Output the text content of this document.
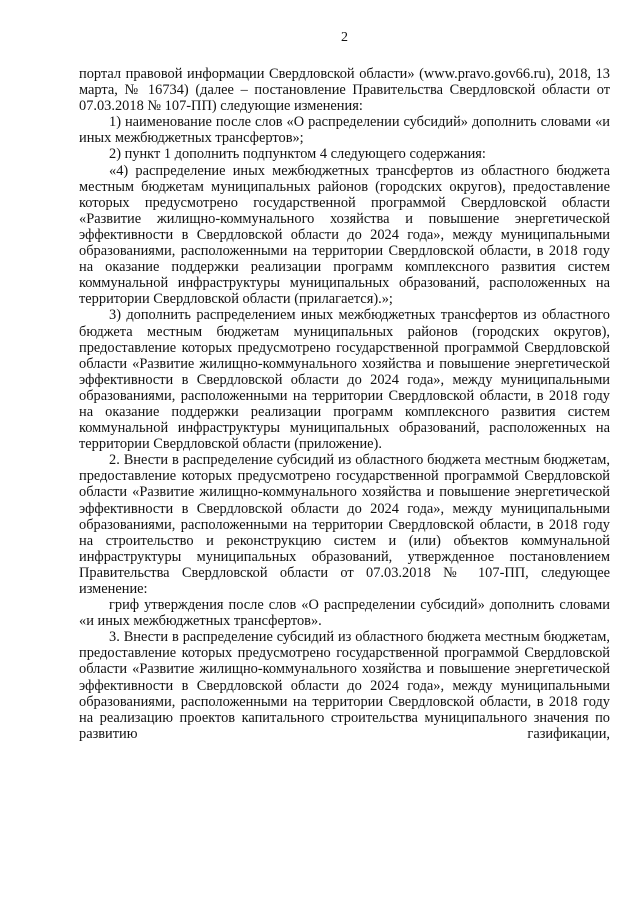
2

портал правовой информации Свердловской области» (www.pravo.gov66.ru), 2018, 13 марта, № 16734) (далее – постановление Правительства Свердловской области от 07.03.2018 № 107-ПП) следующие изменения:

1) наименование после слов «О распределении субсидий» дополнить словами «и иных межбюджетных трансфертов»;

2) пункт 1 дополнить подпунктом 4 следующего содержания:

«4) распределение иных межбюджетных трансфертов из областного бюджета местным бюджетам муниципальных районов (городских округов), предоставление которых предусмотрено государственной программой Свердловской области «Развитие жилищно-коммунального хозяйства и повышение энергетической эффективности в Свердловской области до 2024 года», между муниципальными образованиями, расположенными на территории Свердловской области, в 2018 году на оказание поддержки реализации программ комплексного развития систем коммунальной инфраструктуры муниципальных образований, расположенных на территории Свердловской области (прилагается).»;

3) дополнить распределением иных межбюджетных трансфертов из областного бюджета местным бюджетам муниципальных районов (городских округов), предоставление которых предусмотрено государственной программой Свердловской области «Развитие жилищно-коммунального хозяйства и повышение энергетической эффективности в Свердловской области до 2024 года», между муниципальными образованиями, расположенными на территории Свердловской области, в 2018 году на оказание поддержки реализации программ комплексного развития систем коммунальной инфраструктуры муниципальных образований, расположенных на территории Свердловской области (приложение).

2. Внести в распределение субсидий из областного бюджета местным бюджетам, предоставление которых предусмотрено государственной программой Свердловской области «Развитие жилищно-коммунального хозяйства и повышение энергетической эффективности в Свердловской области до 2024 года», между муниципальными образованиями, расположенными на территории Свердловской области, в 2018 году на строительство и реконструкцию систем и (или) объектов коммунальной инфраструктуры муниципальных образований, утвержденное постановлением Правительства Свердловской области от 07.03.2018 № 107-ПП, следующее изменение:

гриф утверждения после слов «О распределении субсидий» дополнить словами «и иных межбюджетных трансфертов».

3. Внести в распределение субсидий из областного бюджета местным бюджетам, предоставление которых предусмотрено государственной программой Свердловской области «Развитие жилищно-коммунального хозяйства и повышение энергетической эффективности в Свердловской области до 2024 года», между муниципальными образованиями, расположенными на территории Свердловской области, в 2018 году на реализацию проектов капитального строительства муниципального значения по развитию газификации,
